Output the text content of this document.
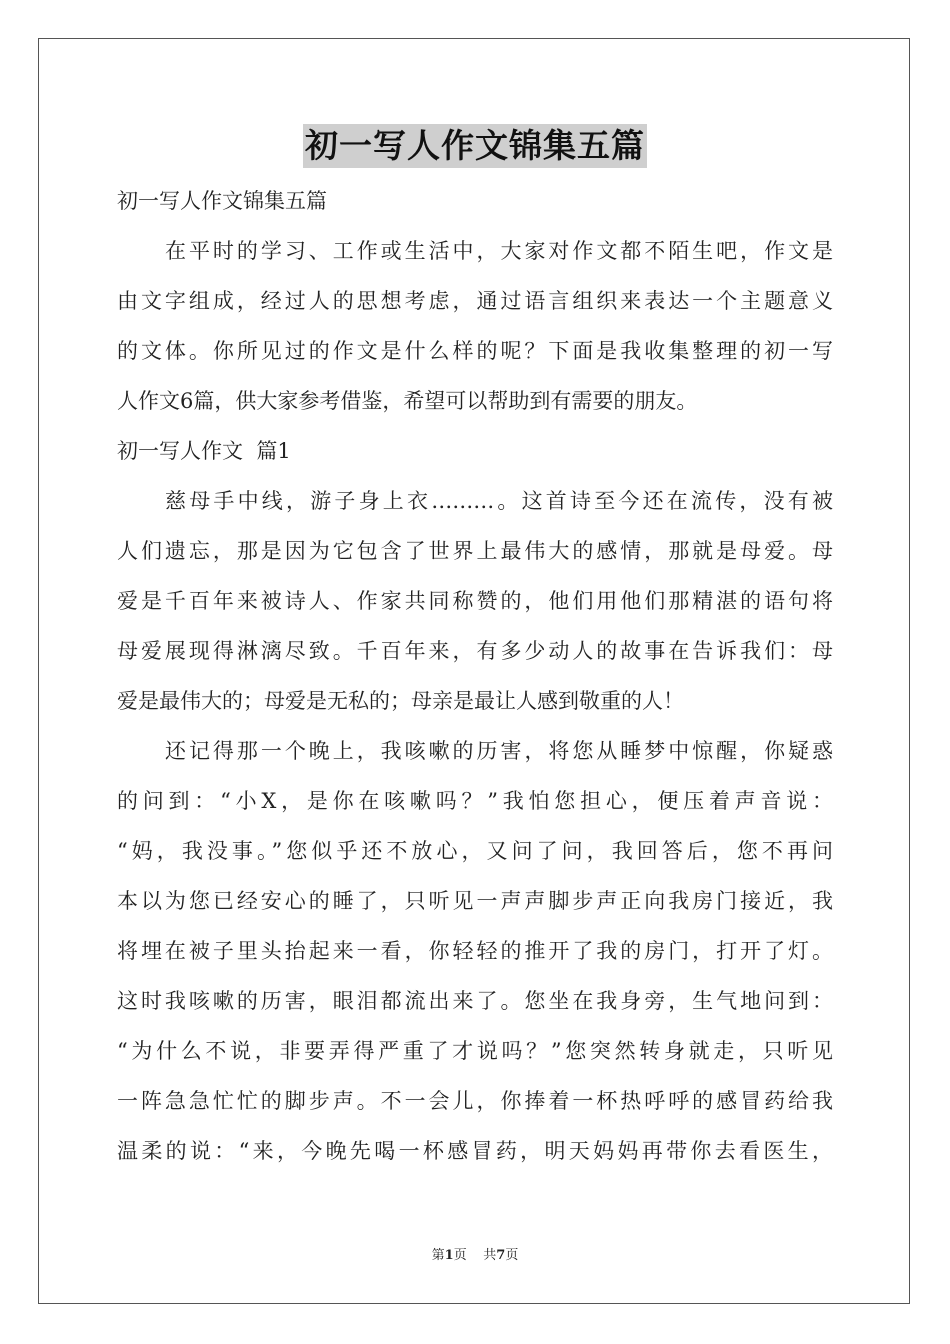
初一写人作文锦集五篇

初一写人作文锦集五篇

在平时的学习、工作或生活中，大家对作文都不陌生吧，作文是

由文字组成，经过人的思想考虑，通过语言组织来表达一个主题意义

的文体。你所见过的作文是什么样的呢？下面是我收集整理的初一写

人作文6篇，供大家参考借鉴，希望可以帮助到有需要的朋友。

初一写人作文  篇1

慈母手中线，游子身上衣………。这首诗至今还在流传，没有被

人们遗忘，那是因为它包含了世界上最伟大的感情，那就是母爱。母

爱是千百年来被诗人、作家共同称赞的，他们用他们那精湛的语句将

母爱展现得淋漓尽致。千百年来，有多少动人的故事在告诉我们：母

爱是最伟大的；母爱是无私的；母亲是最让人感到敬重的人！

还记得那一个晚上，我咳嗽的历害，将您从睡梦中惊醒，你疑惑

的问到：“小X，是你在咳嗽吗？”我怕您担心，便压着声音说：

“妈，我没事。”您似乎还不放心，又问了问，我回答后，您不再问

本以为您已经安心的睡了，只听见一声声脚步声正向我房门接近，我

将埋在被子里头抬起来一看，你轻轻的推开了我的房门，打开了灯。

这时我咳嗽的历害，眼泪都流出来了。您坐在我身旁，生气地问到：

“为什么不说，非要弄得严重了才说吗？”您突然转身就走，只听见

一阵急急忙忙的脚步声。不一会儿，你捧着一杯热呼呼的感冒药给我

温柔的说：“来，今晚先喝一杯感冒药，明天妈妈再带你去看医生，

第1页 共7页
